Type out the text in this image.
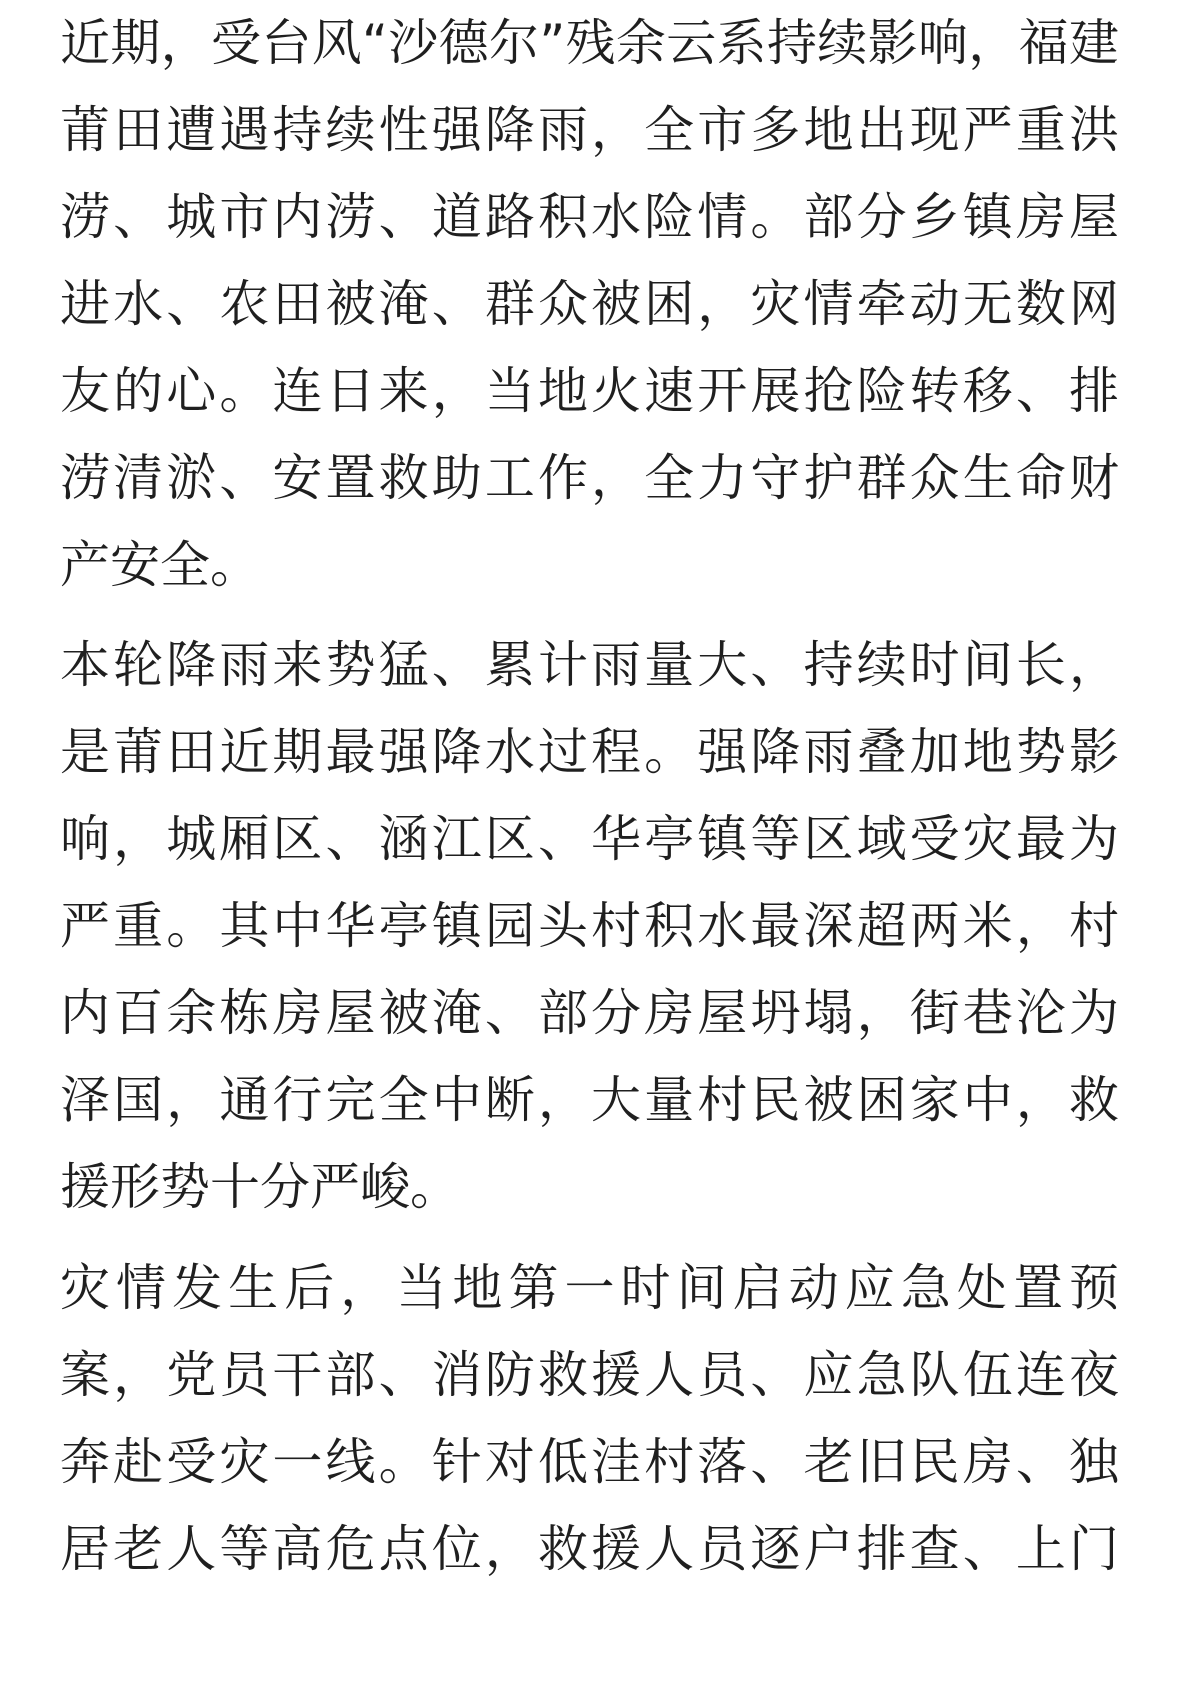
近期，受台风“沙德尔”残余云系持续影响，福建
莆田遭遇持续性强降雨，全市多地出现严重洪
涝、城市内涝、道路积水险情。部分乡镇房屋
进水、农田被淹、群众被困，灾情牵动无数网
友的心。连日来，当地火速开展抢险转移、排
涝清淤、安置救助工作，全力守护群众生命财
产安全。
本轮降雨来势猛、累计雨量大、持续时间长，
是莆田近期最强降水过程。强降雨叠加地势影
响，城厢区、涵江区、华亭镇等区域受灾最为
严重。其中华亭镇园头村积水最深超两米，村
内百余栋房屋被淹、部分房屋坍塌，街巷沦为
泽国，通行完全中断，大量村民被困家中，救
援形势十分严峻。
灾情发生后，当地第一时间启动应急处置预
案，党员干部、消防救援人员、应急队伍连夜
奔赴受灾一线。针对低洼村落、老旧民房、独
居老人等高危点位，救援人员逐户排查、上门
